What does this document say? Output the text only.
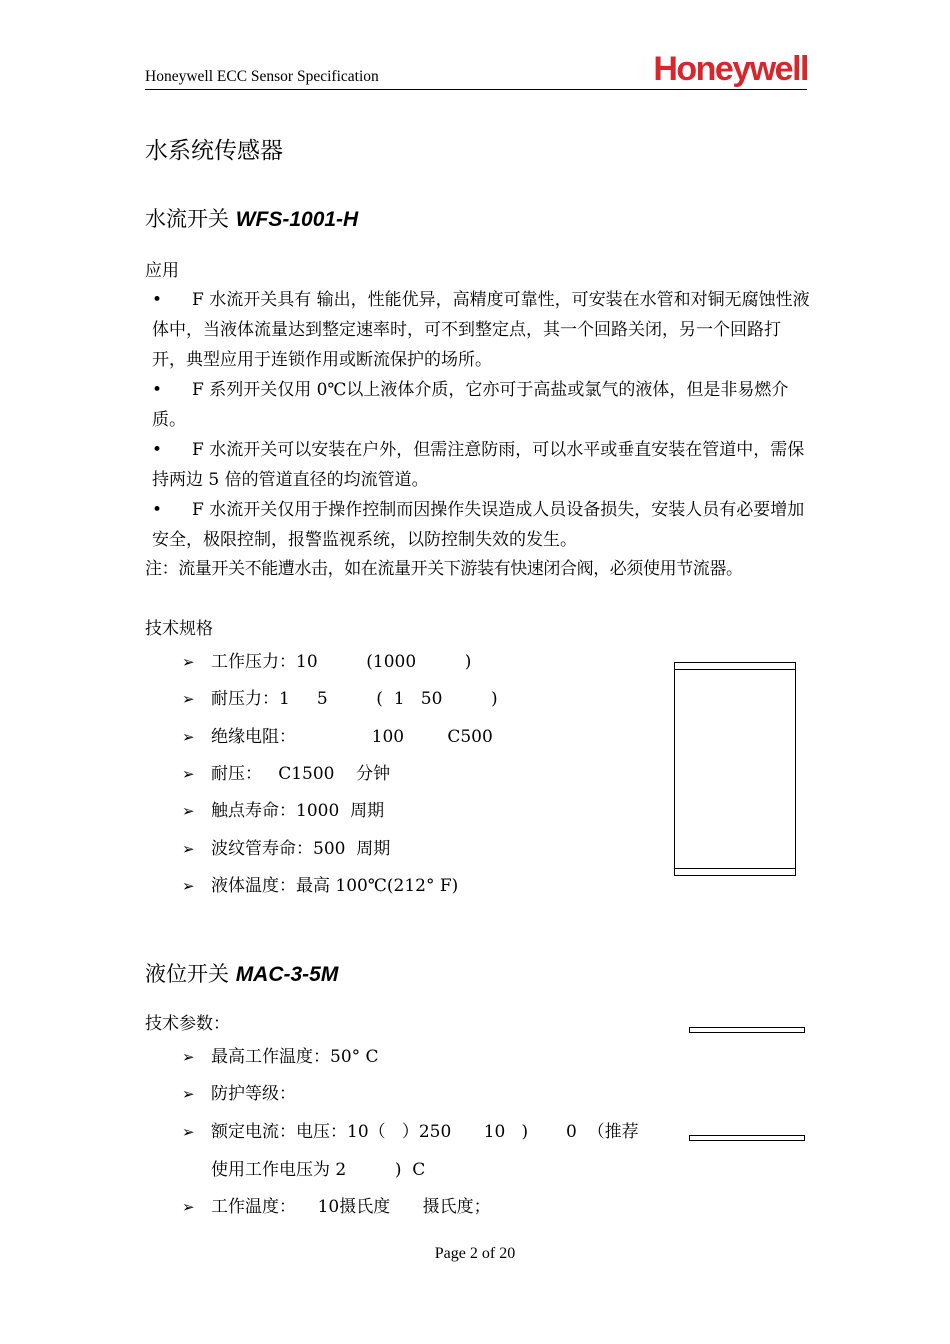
Honeywell ECC Sensor Specification	Honeywell
水系统传感器
水流开关 WFS-1001-H
应用
• F 水流开关具有 输出，性能优异，高精度可靠性，可安装在水管和对铜无腐蚀性液体中，当液体流量达到整定速率时，可不到整定点，其一个回路关闭，另一个回路打开，典型应用于连锁作用或断流保护的场所。
• F 系列开关仅用 0℃以上液体介质，它亦可于高盐或氯气的液体，但是非易燃介质。
• F 水流开关可以安装在户外，但需注意防雨，可以水平或垂直安装在管道中，需保持两边 5 倍的管道直径的均流管道。
• F 水流开关仅用于操作控制而因操作失误造成人员设备损失，安装人员有必要增加安全，极限控制，报警监视系统，以防控制失效的发生。
注：流量开关不能遭水击，如在流量开关下游装有快速闭合阀，必须使用节流器。
技术规格
➢ 工作压力：10         (1000         )
➢ 耐压力：1     5         (  1   50         )
➢ 绝缘电阻：              100        C500
➢ 耐压：   C1500    分钟
➢ 触点寿命：1000  周期
➢ 波纹管寿命：500  周期
➢ 液体温度：最高 100℃(212° F)
液位开关 MAC-3-5M
技术参数：
➢ 最高工作温度：50° C
➢ 防护等级：
➢ 额定电流：电压：10（   ）250      10   )       0  （推荐
使用工作电压为 2         )  C
➢ 工作温度：    10摄氏度      摄氏度；
Page 2 of 20
